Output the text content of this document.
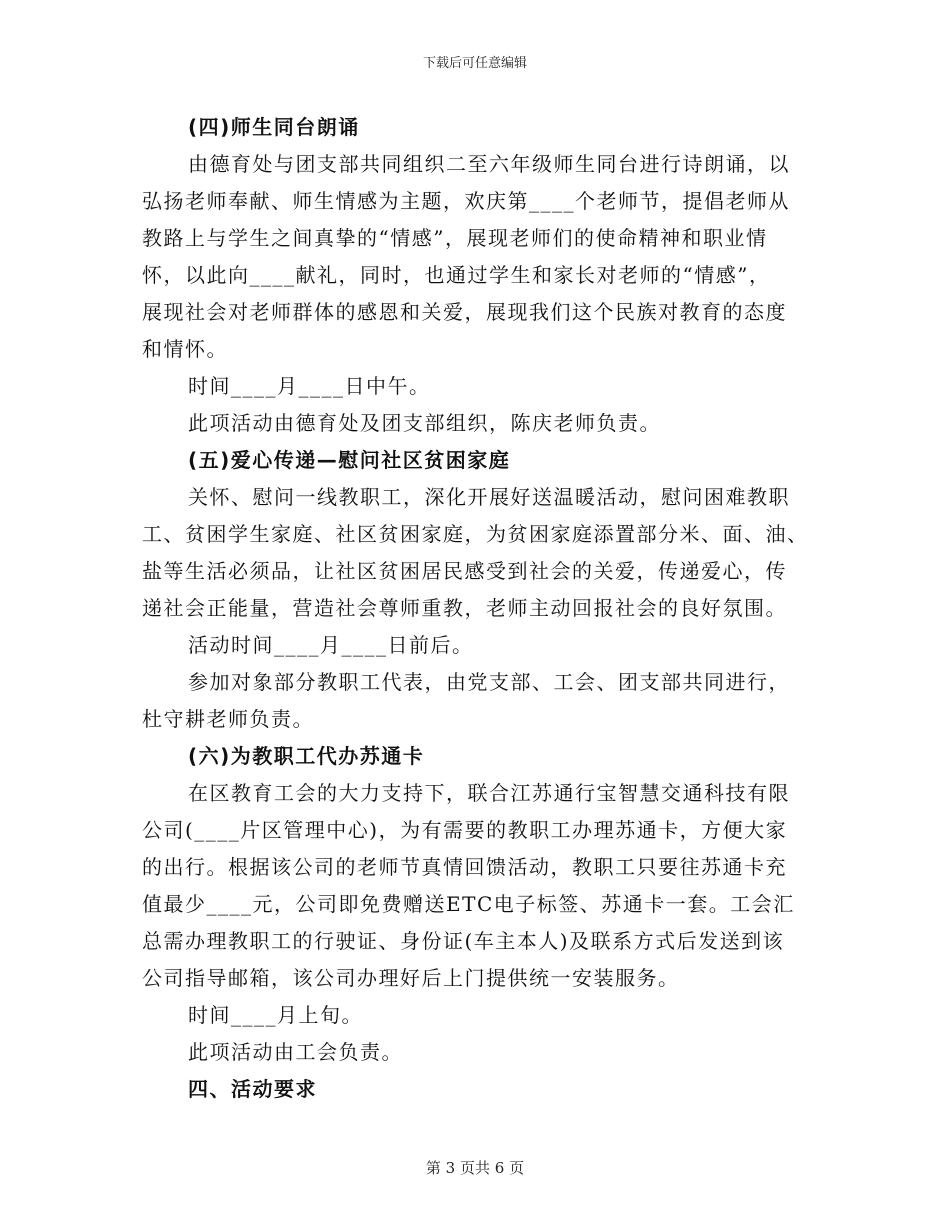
下载后可任意编辑
(四)师生同台朗诵
由德育处与团支部共同组织二至六年级师生同台进行诗朗诵，以
弘扬老师奉献、师生情感为主题，欢庆第____个老师节，提倡老师从
教路上与学生之间真挚的“情感”，展现老师们的使命精神和职业情
怀，以此向____献礼，同时，也通过学生和家长对老师的“情感”，
展现社会对老师群体的感恩和关爱，展现我们这个民族对教育的态度
和情怀。
时间____月____日中午。
此项活动由德育处及团支部组织，陈庆老师负责。
(五)爱心传递—慰问社区贫困家庭
关怀、慰问一线教职工，深化开展好送温暖活动，慰问困难教职
工、贫困学生家庭、社区贫困家庭，为贫困家庭添置部分米、面、油、
盐等生活必须品，让社区贫困居民感受到社会的关爱，传递爱心，传
递社会正能量，营造社会尊师重教，老师主动回报社会的良好氛围。
活动时间____月____日前后。
参加对象部分教职工代表，由党支部、工会、团支部共同进行，
杜守耕老师负责。
(六)为教职工代办苏通卡
在区教育工会的大力支持下，联合江苏通行宝智慧交通科技有限
公司(____片区管理中心)，为有需要的教职工办理苏通卡，方便大家
的出行。根据该公司的老师节真情回馈活动，教职工只要往苏通卡充
值最少____元，公司即免费赠送ETC电子标签、苏通卡一套。工会汇
总需办理教职工的行驶证、身份证(车主本人)及联系方式后发送到该
公司指导邮箱，该公司办理好后上门提供统一安装服务。
时间____月上旬。
此项活动由工会负责。
四、活动要求
第 3 页共 6 页
